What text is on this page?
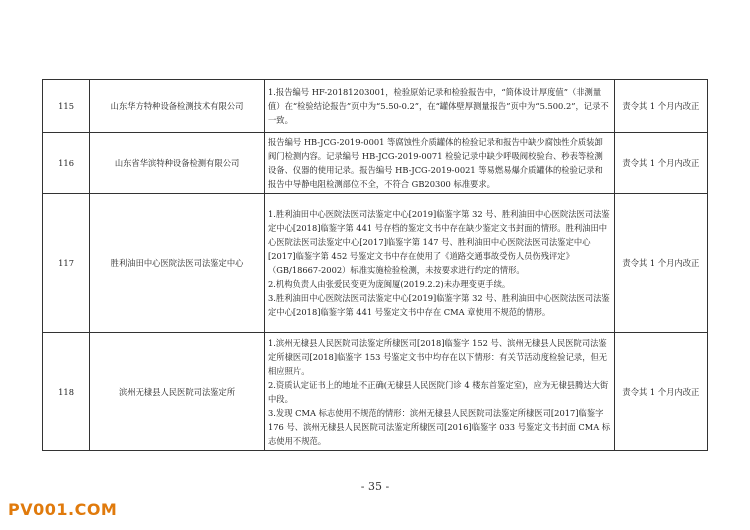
115	山东华方特种设备检测技术有限公司	1.报告编号 HF-20181203001，检验原始记录和检验报告中，“简体设计厚度值”（非测量值）在“检验结论报告”页中为“5.50-0.2”，在“罐体壁厚测量报告”页中为“5.500.2”，记录不一致。	责令其 1 个月内改正
116	山东省华滨特种设备检测有限公司	报告编号 HB-JCG-2019-0001 等腐蚀性介质罐体的检验记录和报告中缺少腐蚀性介质装卸阀门检测内容。记录编号 HB-JCG-2019-0071 检验记录中缺少呼吸阀校验台、秒表等检测设备、仪器的使用记录。报告编号 HB-JCG-2019-0021 等易燃易爆介质罐体的检验记录和报告中导静电阻检测部位不全，不符合 GB20300 标准要求。	责令其 1 个月内改正
117	胜利油田中心医院法医司法鉴定中心	1.胜利油田中心医院法医司法鉴定中心[2019]临鉴字第 32 号、胜利油田中心医院法医司法鉴定中心[2018]临鉴字第 441 号存档的鉴定文书中存在缺少鉴定文书封面的情形。胜利油田中心医院法医司法鉴定中心[2017]临鉴字第 147 号、胜利油田中心医院法医司法鉴定中心[2017]临鉴字第 452 号鉴定文书中存在使用了《道路交通事故受伤人员伤残评定》（GB/18667-2002）标准实施检验检测，未按要求进行约定的情形。

2.机构负责人由张爱民变更为庞闽厦(2019.2.2)未办理变更手续。

3.胜利油田中心医院法医司法鉴定中心[2019]临鉴字第 32 号、胜利油田中心医院法医司法鉴定中心[2018]临鉴字第 441 号鉴定文书中存在 CMA 章使用不规范的情形。	责令其 1 个月内改正
118	滨州无棣县人民医院司法鉴定所	1.滨州无棣县人民医院司法鉴定所棣医司[2018]临鉴字 152 号、滨州无棣县人民医院司法鉴定所棣医司[2018]临鉴字 153 号鉴定文书中均存在以下情形：有关节活动度检验记录，但无相应照片。

2.资质认定证书上的地址不正确(无棣县人民医院门诊 4 楼东首鉴定室)，应为无棣县腾达大街中段。

3.发现 CMA 标志使用不规范的情形：滨州无棣县人民医院司法鉴定所棣医司[2017]临鉴字 176 号、滨州无棣县人民医院司法鉴定所棣医司[2016]临鉴字 033 号鉴定文书封面 CMA 标志使用不规范。	责令其 1 个月内改正
- 35 -
PV001.COM
